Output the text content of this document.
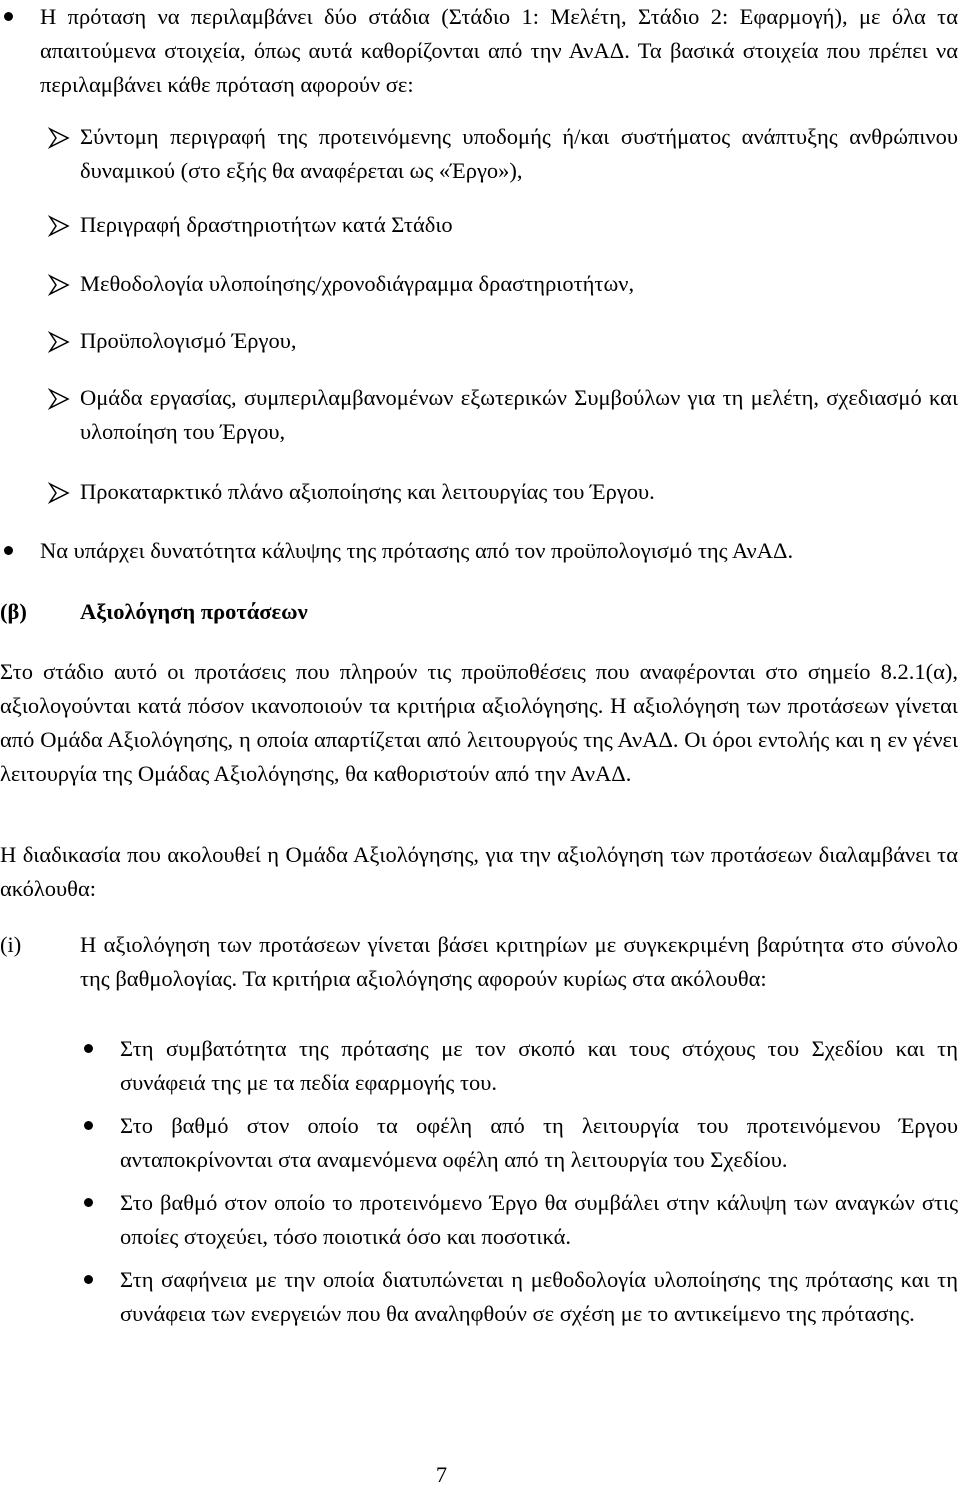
Η πρόταση να περιλαμβάνει δύο στάδια (Στάδιο 1: Μελέτη, Στάδιο 2: Εφαρμογή), με όλα τα απαιτούμενα στοιχεία, όπως αυτά καθορίζονται από την ΑνΑΔ. Τα βασικά στοιχεία που πρέπει να περιλαμβάνει κάθε πρόταση αφορούν σε:

Σύντομη περιγραφή της προτεινόμενης υποδομής ή/και συστήματος ανάπτυξης ανθρώπινου δυναμικού (στο εξής θα αναφέρεται ως «Έργο»),

Περιγραφή δραστηριοτήτων κατά Στάδιο

Μεθοδολογία υλοποίησης/χρονοδιάγραμμα δραστηριοτήτων,

Προϋπολογισμό Έργου,

Ομάδα εργασίας, συμπεριλαμβανομένων εξωτερικών Συμβούλων για τη μελέτη, σχεδιασμό και υλοποίηση του Έργου,

Προκαταρκτικό πλάνο αξιοποίησης και λειτουργίας του Έργου.

Να υπάρχει δυνατότητα κάλυψης της πρότασης από τον προϋπολογισμό της ΑνΑΔ.

(β) Αξιολόγηση προτάσεων

Στο στάδιο αυτό οι προτάσεις που πληρούν τις προϋποθέσεις που αναφέρονται στο σημείο 8.2.1(α), αξιολογούνται κατά πόσον ικανοποιούν τα κριτήρια αξιολόγησης. Η αξιολόγηση των προτάσεων γίνεται από Ομάδα Αξιολόγησης, η οποία απαρτίζεται από λειτουργούς της ΑνΑΔ. Οι όροι εντολής και η εν γένει λειτουργία της Ομάδας Αξιολόγησης, θα καθοριστούν από την ΑνΑΔ.

Η διαδικασία που ακολουθεί η Ομάδα Αξιολόγησης, για την αξιολόγηση των προτάσεων διαλαμβάνει τα ακόλουθα:

(i)	Η αξιολόγηση των προτάσεων γίνεται βάσει κριτηρίων με συγκεκριμένη βαρύτητα στο σύνολο της βαθμολογίας. Τα κριτήρια αξιολόγησης αφορούν κυρίως στα ακόλουθα:

Στη συμβατότητα της πρότασης με τον σκοπό και τους στόχους του Σχεδίου και τη συνάφειά της με τα πεδία εφαρμογής του.

Στο βαθμό στον οποίο τα οφέλη από τη λειτουργία του προτεινόμενου Έργου ανταποκρίνονται στα αναμενόμενα οφέλη από τη λειτουργία του Σχεδίου.

Στο βαθμό στον οποίο το προτεινόμενο Έργο θα συμβάλει στην κάλυψη των αναγκών στις οποίες στοχεύει, τόσο ποιοτικά όσο και ποσοτικά.

Στη σαφήνεια με την οποία διατυπώνεται η μεθοδολογία υλοποίησης της πρότασης και τη συνάφεια των ενεργειών που θα αναληφθούν σε σχέση με το αντικείμενο της πρότασης.

7
